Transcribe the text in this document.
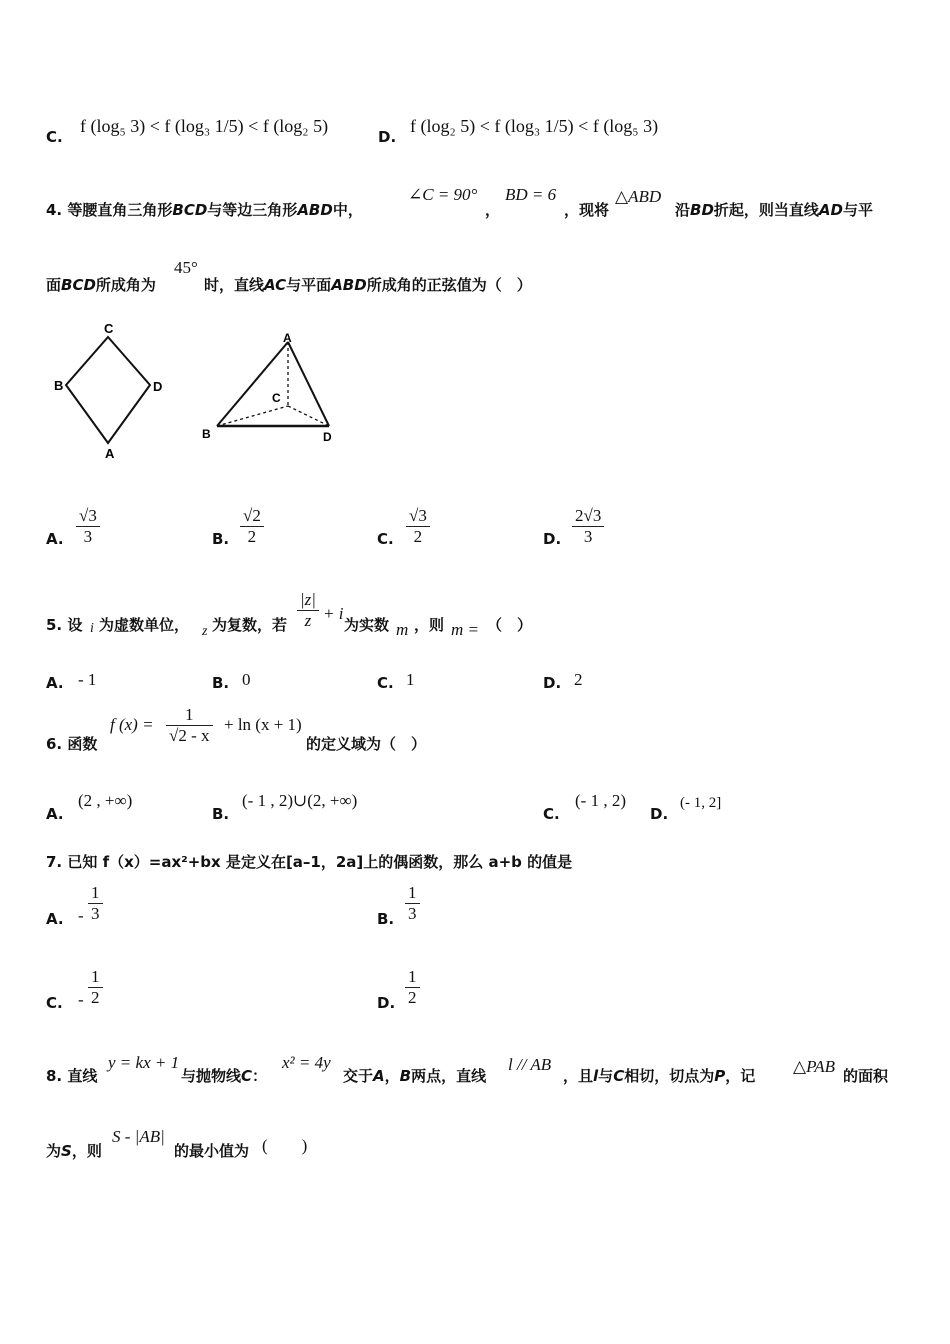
C.
f (log₅ 3) < f (log₃ 1/5) < f (log₂ 5)
D.
f (log₂ 5) < f (log₃ 1/5) < f (log₅ 3)
4. 等腰直角三角形BCD与等边三角形ABD中，
∠C = 90°
，
BD = 6
，现将
△ABD
沿BD折起，则当直线AD与平
面BCD所成角为
45°
时，直线AC与平面ABD所成角的正弦值为（　）
C
B	D
A
A
C
B	D
A. $\frac{√3}{3}$	B. $\frac{√2}{2}$	C. $\frac{√3}{2}$	D. $\frac{2√3}{3}$
5. 设 i 为虚数单位， z 为复数，若 $\frac{|z|}{z} + i$
为实数 m ，则 m = （　）
A. - 1	B. 0	C. 1	D. 2
6. 函数
f $(x) = \frac{1}{√2 - x} + \ln (x + 1)$
的定义域为（　）
A.
(2 , +∞)
B.
(- 1 , 2)∪(2, +∞)
C.
(- 1 , 2)
D.
(- 1, 2]
7. 已知 f（x）=ax²+bx 是定义在[a–1，2a]上的偶函数，那么 a+b 的值是
A. - $\frac{1}{3}$	B. $\frac{1}{3}$
C. - $\frac{1}{2}$	D. $\frac{1}{2}$
8. 直线
y = kx + 1
与抛物线C：
x² = 4y
交于A，B两点，直线
l // AB
，且l与C相切，切点为P，记 △PAB 的面积
为S，则
S - |AB|
的最小值为 (　　)
